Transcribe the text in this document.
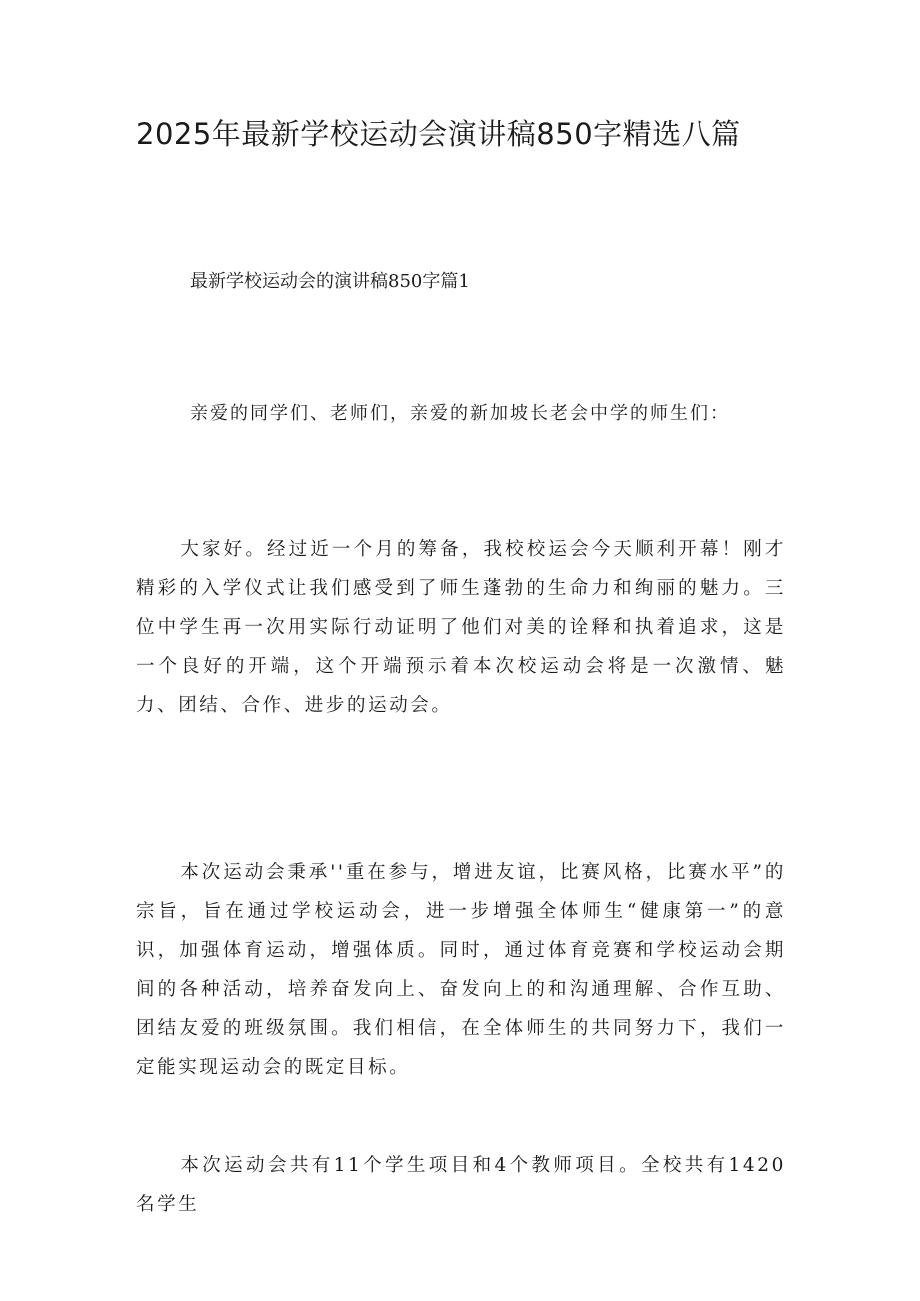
2025年最新学校运动会演讲稿850字精选八篇
最新学校运动会的演讲稿850字篇1
亲爱的同学们、老师们，亲爱的新加坡长老会中学的师生们：

大家好。经过近一个月的筹备，我校校运会今天顺利开幕！刚才精彩的入学仪式让我们感受到了师生蓬勃的生命力和绚丽的魅力。三位中学生再一次用实际行动证明了他们对美的诠释和执着追求，这是一个良好的开端，这个开端预示着本次校运动会将是一次激情、魅力、团结、合作、进步的运动会。

本次运动会秉承''重在参与，增进友谊，比赛风格，比赛水平”的宗旨，旨在通过学校运动会，进一步增强全体师生“健康第一”的意识，加强体育运动，增强体质。同时，通过体育竞赛和学校运动会期间的各种活动，培养奋发向上、奋发向上的和沟通理解、合作互助、团结友爱的班级氛围。我们相信，在全体师生的共同努力下，我们一定能实现运动会的既定目标。

本次运动会共有11个学生项目和4个教师项目。全校共有1420名学生
